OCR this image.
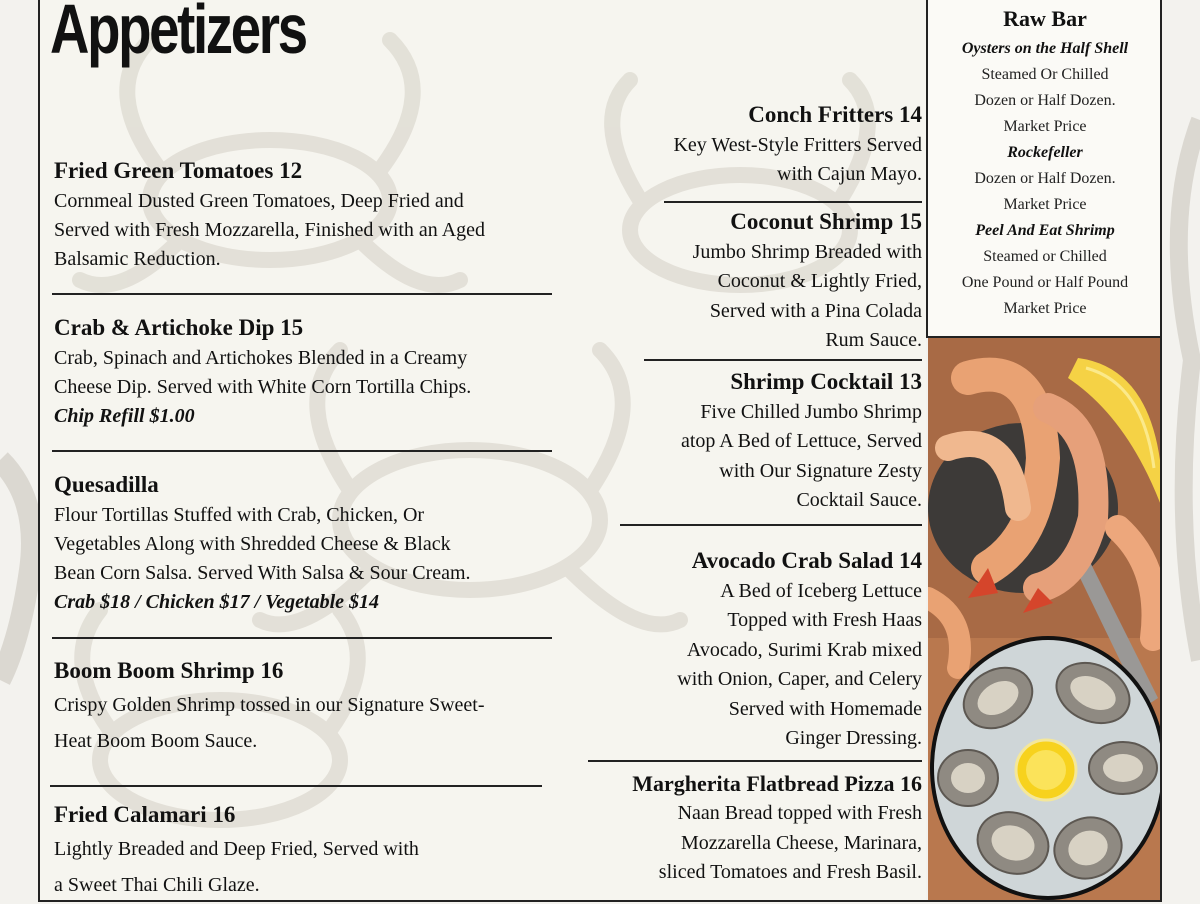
Appetizers
Fried Green Tomatoes 12

Cornmeal Dusted Green Tomatoes, Deep Fried and
Served with Fresh Mozzarella, Finished with an Aged
Balsamic Reduction.

Crab & Artichoke Dip 15

Crab, Spinach and Artichokes Blended in a Creamy
Cheese Dip. Served with White Corn Tortilla Chips.
Chip Refill $1.00

Quesadilla

Flour Tortillas Stuffed with Crab, Chicken, Or
Vegetables Along with Shredded Cheese & Black
Bean Corn Salsa. Served With Salsa & Sour Cream.
Crab $18 / Chicken $17 / Vegetable $14

Boom Boom Shrimp 16

Crispy Golden Shrimp tossed in our Signature Sweet-
Heat Boom Boom Sauce.

Fried Calamari 16

Lightly Breaded and Deep Fried, Served with
a Sweet Thai Chili Glaze.

Conch Fritters 14

Key West-Style Fritters Served
with Cajun Mayo.

Coconut Shrimp 15

Jumbo Shrimp Breaded with
Coconut & Lightly Fried,
Served with a Pina Colada
Rum Sauce.

Shrimp Cocktail 13

Five Chilled Jumbo Shrimp
atop A Bed of Lettuce, Served
with Our Signature Zesty
Cocktail Sauce.

Avocado Crab Salad 14

A Bed of Iceberg Lettuce
Topped with Fresh Haas
Avocado, Surimi Krab mixed
with Onion, Caper, and Celery
Served with Homemade
Ginger Dressing.

Margherita Flatbread Pizza 16

Naan Bread topped with Fresh
Mozzarella Cheese, Marinara,
sliced Tomatoes and Fresh Basil.

Raw Bar
Oysters on the Half Shell
Steamed Or Chilled
Dozen or Half Dozen.
Market Price
Rockefeller
Dozen or Half Dozen.
Market Price
Peel And Eat Shrimp
Steamed or Chilled
One Pound or Half Pound
Market Price
